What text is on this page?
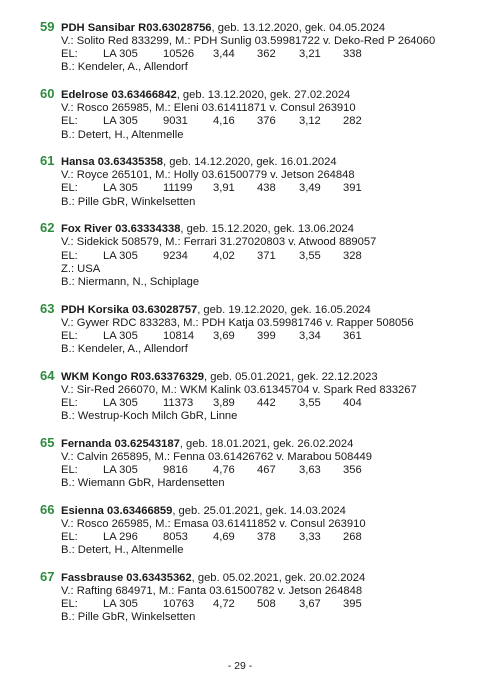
59 PDH Sansibar R03.63028756, geb. 13.12.2020, gek. 04.05.2024
V.: Solito Red 833299, M.: PDH Sunlig 03.59981722 v. Deko-Red P 264060
EL: LA 305 10526 3,44 362 3,21 338
B.: Kendeler, A., Allendorf
60 Edelrose 03.63466842, geb. 13.12.2020, gek. 27.02.2024
V.: Rosco 265985, M.: Eleni 03.61411871 v. Consul 263910
EL: LA 305 9031 4,16 376 3,12 282
B.: Detert, H., Altenmelle
61 Hansa 03.63435358, geb. 14.12.2020, gek. 16.01.2024
V.: Royce 265101, M.: Holly 03.61500779 v. Jetson 264848
EL: LA 305 11199 3,91 438 3,49 391
B.: Pille GbR, Winkelsetten
62 Fox River 03.63334338, geb. 15.12.2020, gek. 13.06.2024
V.: Sidekick 508579, M.: Ferrari 31.27020803 v. Atwood 889057
EL: LA 305 9234 4,02 371 3,55 328
Z.: USA
B.: Niermann, N., Schiplage
63 PDH Korsika 03.63028757, geb. 19.12.2020, gek. 16.05.2024
V.: Gywer RDC 833283, M.: PDH Katja 03.59981746 v. Rapper 508056
EL: LA 305 10814 3,69 399 3,34 361
B.: Kendeler, A., Allendorf
64 WKM Kongo R03.63376329, geb. 05.01.2021, gek. 22.12.2023
V.: Sir-Red 266070, M.: WKM Kalink 03.61345704 v. Spark Red 833267
EL: LA 305 11373 3,89 442 3,55 404
B.: Westrup-Koch Milch GbR, Linne
65 Fernanda 03.62543187, geb. 18.01.2021, gek. 26.02.2024
V.: Calvin 265895, M.: Fenna 03.61426762 v. Marabou 508449
EL: LA 305 9816 4,76 467 3,63 356
B.: Wiemann GbR, Hardensetten
66 Esienna 03.63466859, geb. 25.01.2021, gek. 14.03.2024
V.: Rosco 265985, M.: Emasa 03.61411852 v. Consul 263910
EL: LA 296 8053 4,69 378 3,33 268
B.: Detert, H., Altenmelle
67 Fassbrause 03.63435362, geb. 05.02.2021, gek. 20.02.2024
V.: Rafting 684971, M.: Fanta 03.61500782 v. Jetson 264848
EL: LA 305 10763 4,72 508 3,67 395
B.: Pille GbR, Winkelsetten
- 29 -
